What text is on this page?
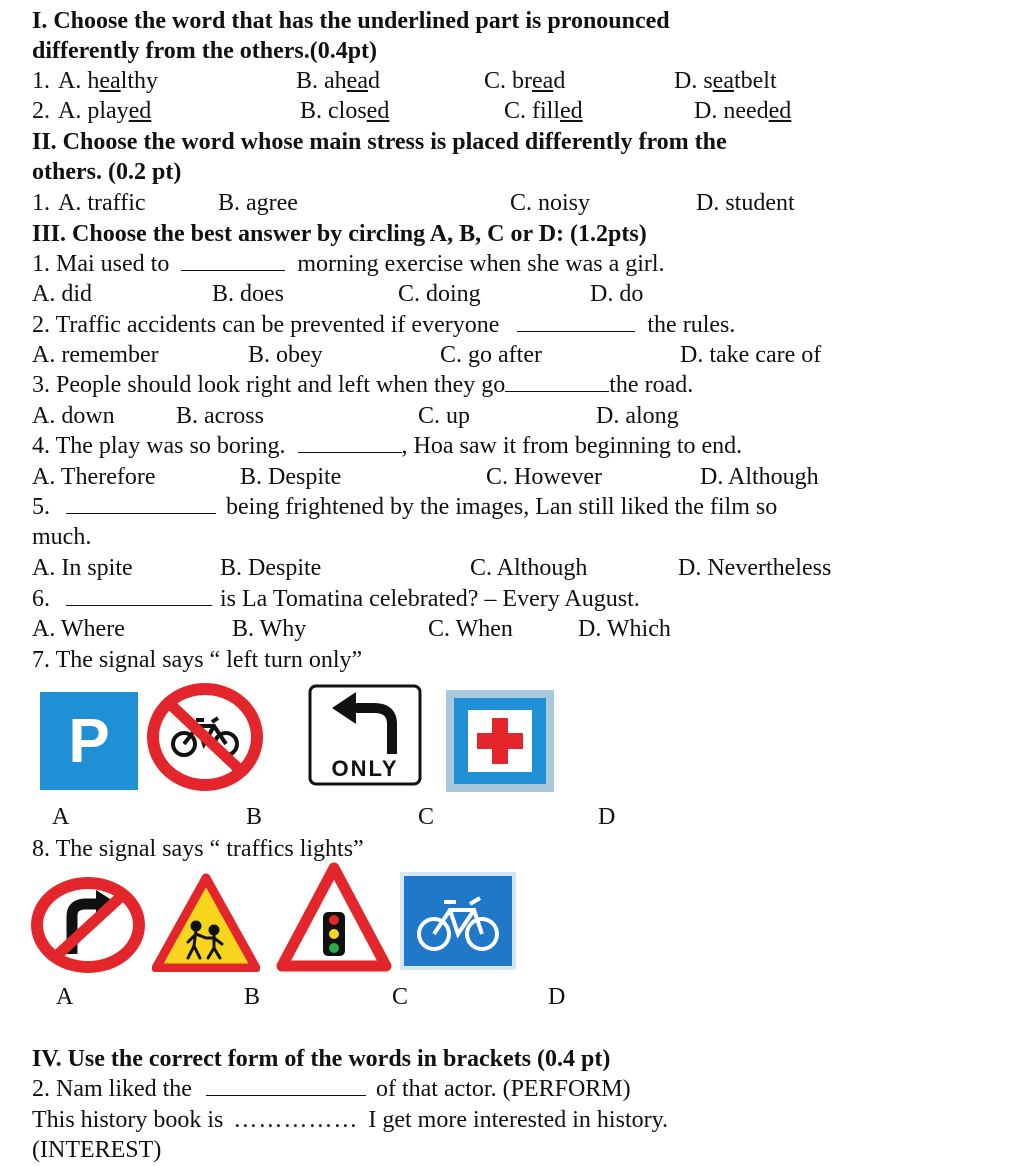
I. Choose the word that has the underlined part is pronounced
differently from the others.(0.4pt)
1. A. healthy	B. ahead	C. bread	D. seatbelt
2. A. played	B. closed	C. filled	D. needed
II. Choose the word whose main stress is placed differently from the
others. (0.2 pt)
1. A. traffic	B. agree	C. noisy	D. student
III. Choose the best answer by circling A, B, C or D: (1.2pts)
1. Mai used to	morning exercise when she was a girl.
A. did	B. does	C. doing	D. do
2. Traffic accidents can be prevented if everyone	the rules.
A. remember	B. obey	C. go after	D. take care of
3. People should look right and left when they go	the road.
A. down	B. across	C. up	D. along
4. The play was so boring.	, Hoa saw it from beginning to end.
A. Therefore	B. Despite	C. However	D. Although
5.	being frightened by the images, Lan still liked the film so
much.
A. In spite	B. Despite	C. Although	D. Nevertheless
6.	is La Tomatina celebrated? – Every August.
A. Where	B. Why	C. When	D. Which
7. The signal says “ left turn only”
P	ONLY
A	B	C	D
8. The signal says “ traffics lights”
A	B	C	D
IV. Use the correct form of the words in brackets (0.4 pt)
2. Nam liked the	of that actor. (PERFORM)
This history book is …………… I get more interested in history.
(INTEREST)
